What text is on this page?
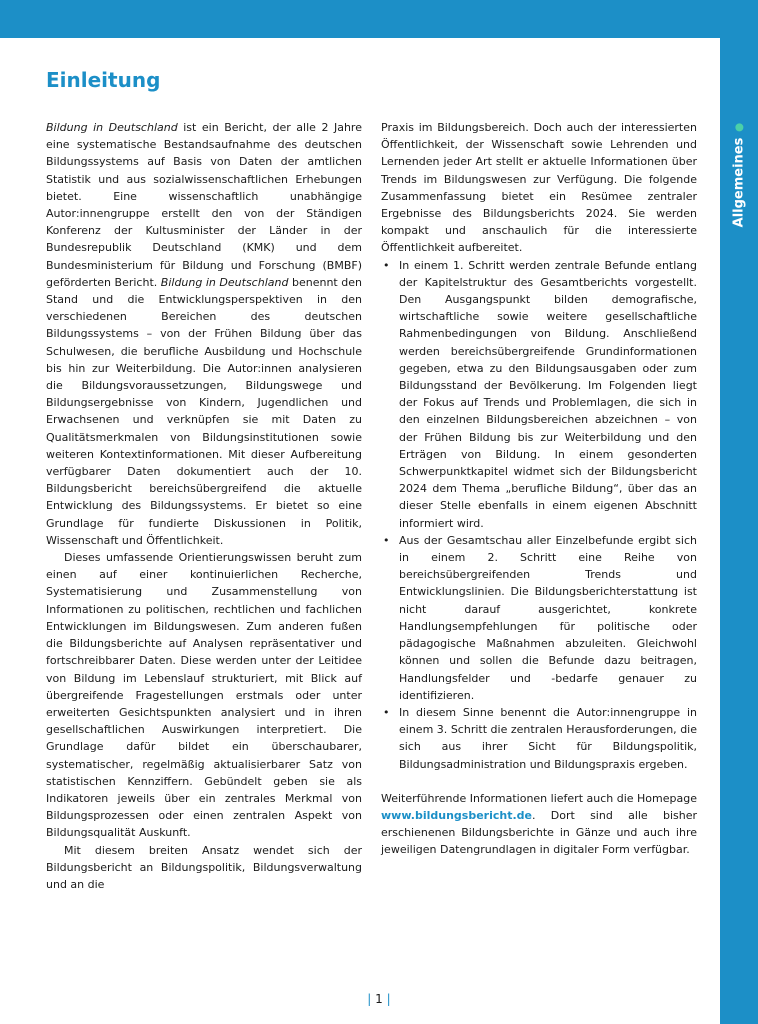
Allgemeines
Einleitung

Bildung in Deutschland ist ein Bericht, der alle 2 Jahre eine systematische Bestandsaufnahme des deutschen Bildungssystems auf Basis von Daten der amtlichen Statistik und aus sozialwissenschaftlichen Erhebungen bietet. Eine wissenschaftlich unabhängige Autor:innengruppe erstellt den von der Ständigen Konferenz der Kultusminister der Länder in der Bundesrepublik Deutschland (KMK) und dem Bundesministerium für Bildung und Forschung (BMBF) geförderten Bericht. Bildung in Deutschland benennt den Stand und die Entwicklungsperspektiven in den verschiedenen Bereichen des deutschen Bildungssystems – von der Frühen Bildung über das Schulwesen, die berufliche Ausbildung und Hochschule bis hin zur Weiterbildung. Die Autor:innen analysieren die Bildungsvoraussetzungen, Bildungswege und Bildungsergebnisse von Kindern, Jugendlichen und Erwachsenen und verknüpfen sie mit Daten zu Qualitätsmerkmalen von Bildungsinstitutionen sowie weiteren Kontextinformationen. Mit dieser Aufbereitung verfügbarer Daten dokumentiert auch der 10. Bildungsbericht bereichsübergreifend die aktuelle Entwicklung des Bildungssystems. Er bietet so eine Grundlage für fundierte Diskussionen in Politik, Wissenschaft und Öffentlichkeit.

Dieses umfassende Orientierungswissen beruht zum einen auf einer kontinuierlichen Recherche, Systematisierung und Zusammenstellung von Informationen zu politischen, rechtlichen und fachlichen Entwicklungen im Bildungswesen. Zum anderen fußen die Bildungsberichte auf Analysen repräsentativer und fortschreibbarer Daten. Diese werden unter der Leitidee von Bildung im Lebenslauf strukturiert, mit Blick auf übergreifende Fragestellungen erstmals oder unter erweiterten Gesichtspunkten analysiert und in ihren gesellschaftlichen Auswirkungen interpretiert. Die Grundlage dafür bildet ein überschaubarer, systematischer, regelmäßig aktualisierbarer Satz von statistischen Kennziffern. Gebündelt geben sie als Indikatoren jeweils über ein zentrales Merkmal von Bildungsprozessen oder einen zentralen Aspekt von Bildungsqualität Auskunft.

Mit diesem breiten Ansatz wendet sich der Bildungsbericht an Bildungspolitik, Bildungsverwaltung und an die

Praxis im Bildungsbereich. Doch auch der interessierten Öffentlichkeit, der Wissenschaft sowie Lehrenden und Lernenden jeder Art stellt er aktuelle Informationen über Trends im Bildungswesen zur Verfügung. Die folgende Zusammenfassung bietet ein Resümee zentraler Ergebnisse des Bildungsberichts 2024. Sie werden kompakt und anschaulich für die interessierte Öffentlichkeit aufbereitet.

• In einem 1. Schritt werden zentrale Befunde entlang der Kapitelstruktur des Gesamtberichts vorgestellt. Den Ausgangspunkt bilden demografische, wirtschaftliche sowie weitere gesellschaftliche Rahmenbedingungen von Bildung. Anschließend werden bereichsübergreifende Grundinformationen gegeben, etwa zu den Bildungsausgaben oder zum Bildungsstand der Bevölkerung. Im Folgenden liegt der Fokus auf Trends und Problemlagen, die sich in den einzelnen Bildungsbereichen abzeichnen – von der Frühen Bildung bis zur Weiterbildung und den Erträgen von Bildung. In einem gesonderten Schwerpunktkapitel widmet sich der Bildungsbericht 2024 dem Thema „berufliche Bildung“, über das an dieser Stelle ebenfalls in einem eigenen Abschnitt informiert wird.
• Aus der Gesamtschau aller Einzelbefunde ergibt sich in einem 2. Schritt eine Reihe von bereichsübergreifenden Trends und Entwicklungslinien. Die Bildungsberichterstattung ist nicht darauf ausgerichtet, konkrete Handlungsempfehlungen für politische oder pädagogische Maßnahmen abzuleiten. Gleichwohl können und sollen die Befunde dazu beitragen, Handlungsfelder und -bedarfe genauer zu identifizieren.
• In diesem Sinne benennt die Autor:innengruppe in einem 3. Schritt die zentralen Herausforderungen, die sich aus ihrer Sicht für Bildungspolitik, Bildungsadministration und Bildungspraxis ergeben.

Weiterführende Informationen liefert auch die Homepage www.bildungsbericht.de. Dort sind alle bisher erschienenen Bildungsberichte in Gänze und auch ihre jeweiligen Datengrundlagen in digitaler Form verfügbar.

| 1 |
